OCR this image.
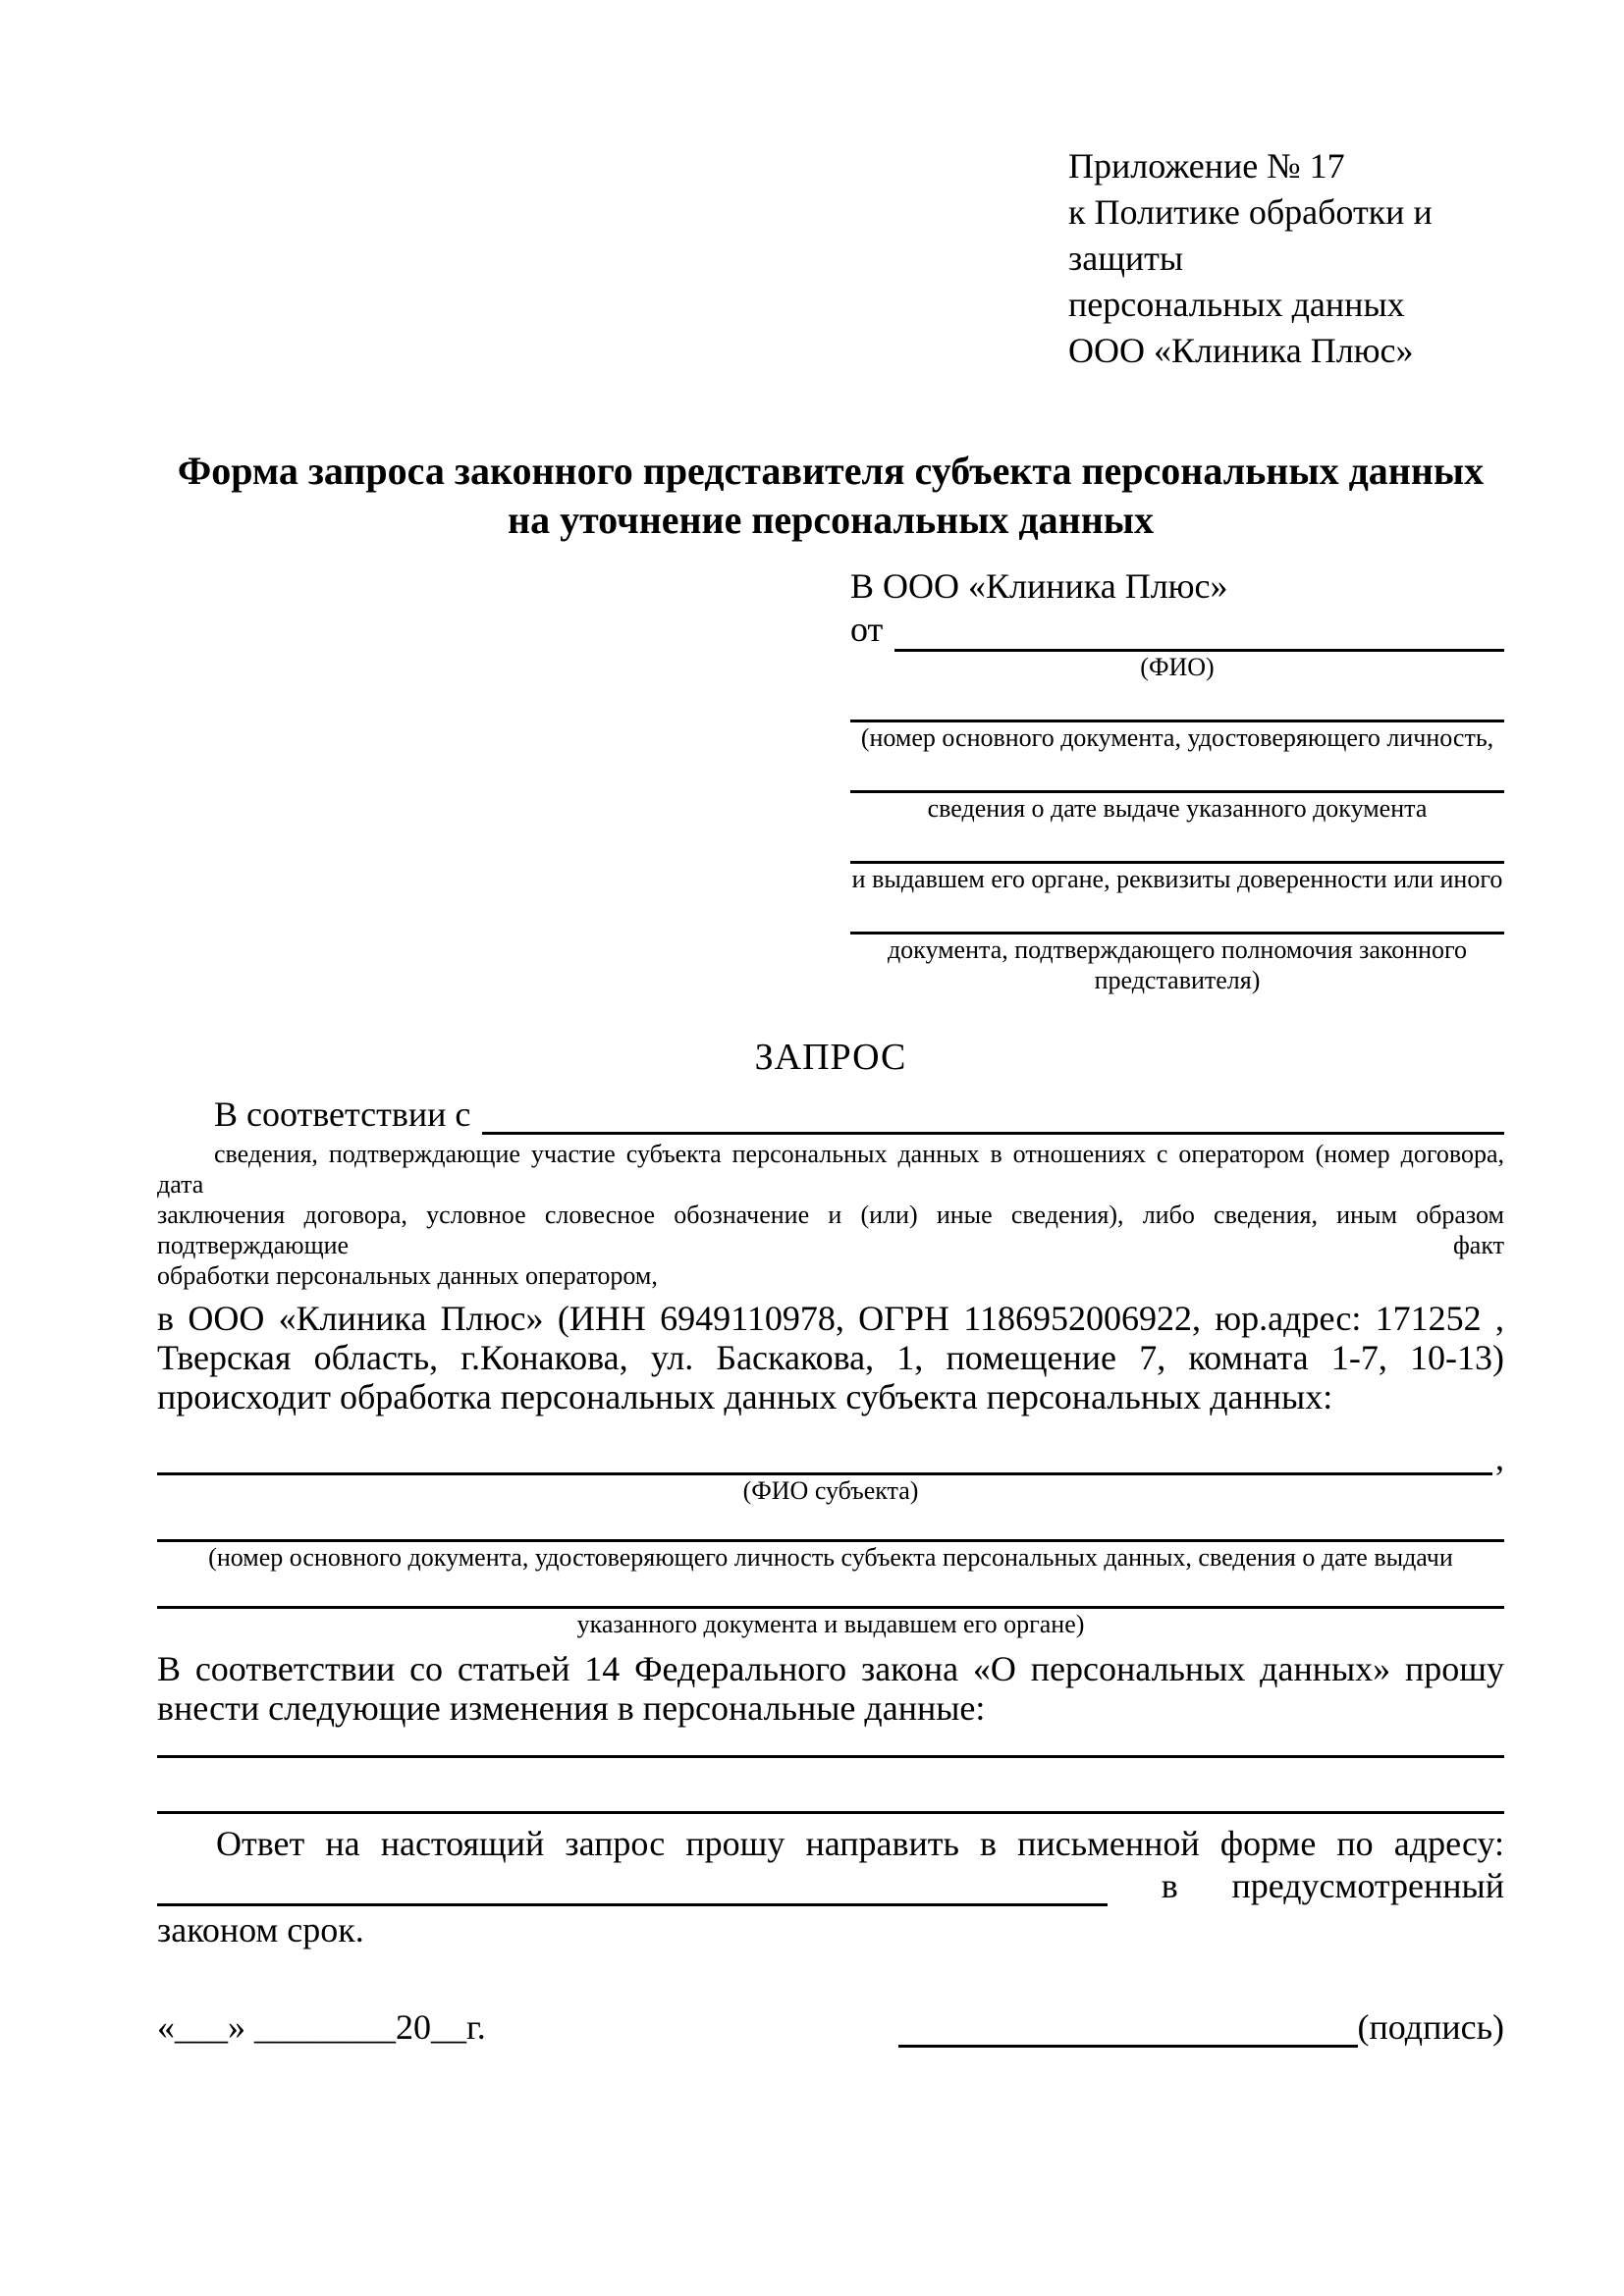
Приложение № 17
к Политике обработки и защиты
персональных данных
ООО «Клиника Плюс»
Форма запроса законного представителя субъекта персональных данных
на уточнение персональных данных
В ООО «Клиника Плюс»
от
(ФИО)
(номер основного документа, удостоверяющего личность,
сведения о дате выдаче указанного документа
и выдавшем его органе, реквизиты доверенности или иного
документа, подтверждающего полномочия законного представителя)
ЗАПРОС
В соответствии с
сведения, подтверждающие участие субъекта персональных данных в отношениях с оператором (номер договора, дата
заключения договора, условное словесное обозначение и (или) иные сведения), либо сведения, иным образом подтверждающие факт
обработки персональных данных оператором,
в ООО «Клиника Плюс» (ИНН 6949110978, ОГРН 1186952006922, юр.адрес: 171252 ,
Тверская область, г.Конакова, ул. Баскакова, 1, помещение 7, комната 1-7, 10-13)
происходит обработка персональных данных субъекта персональных данных:
,
(ФИО субъекта)
(номер основного документа, удостоверяющего личность субъекта персональных данных, сведения о дате выдачи
указанного документа и выдавшем его органе)
В соответствии со статьей 14 Федерального закона «О персональных данных» прошу
внести следующие изменения в персональные данные:
Ответ на настоящий запрос прошу направить в письменной форме по адресу:
в предусмотренный
законом срок.
«___» ________20__г.	(подпись)
